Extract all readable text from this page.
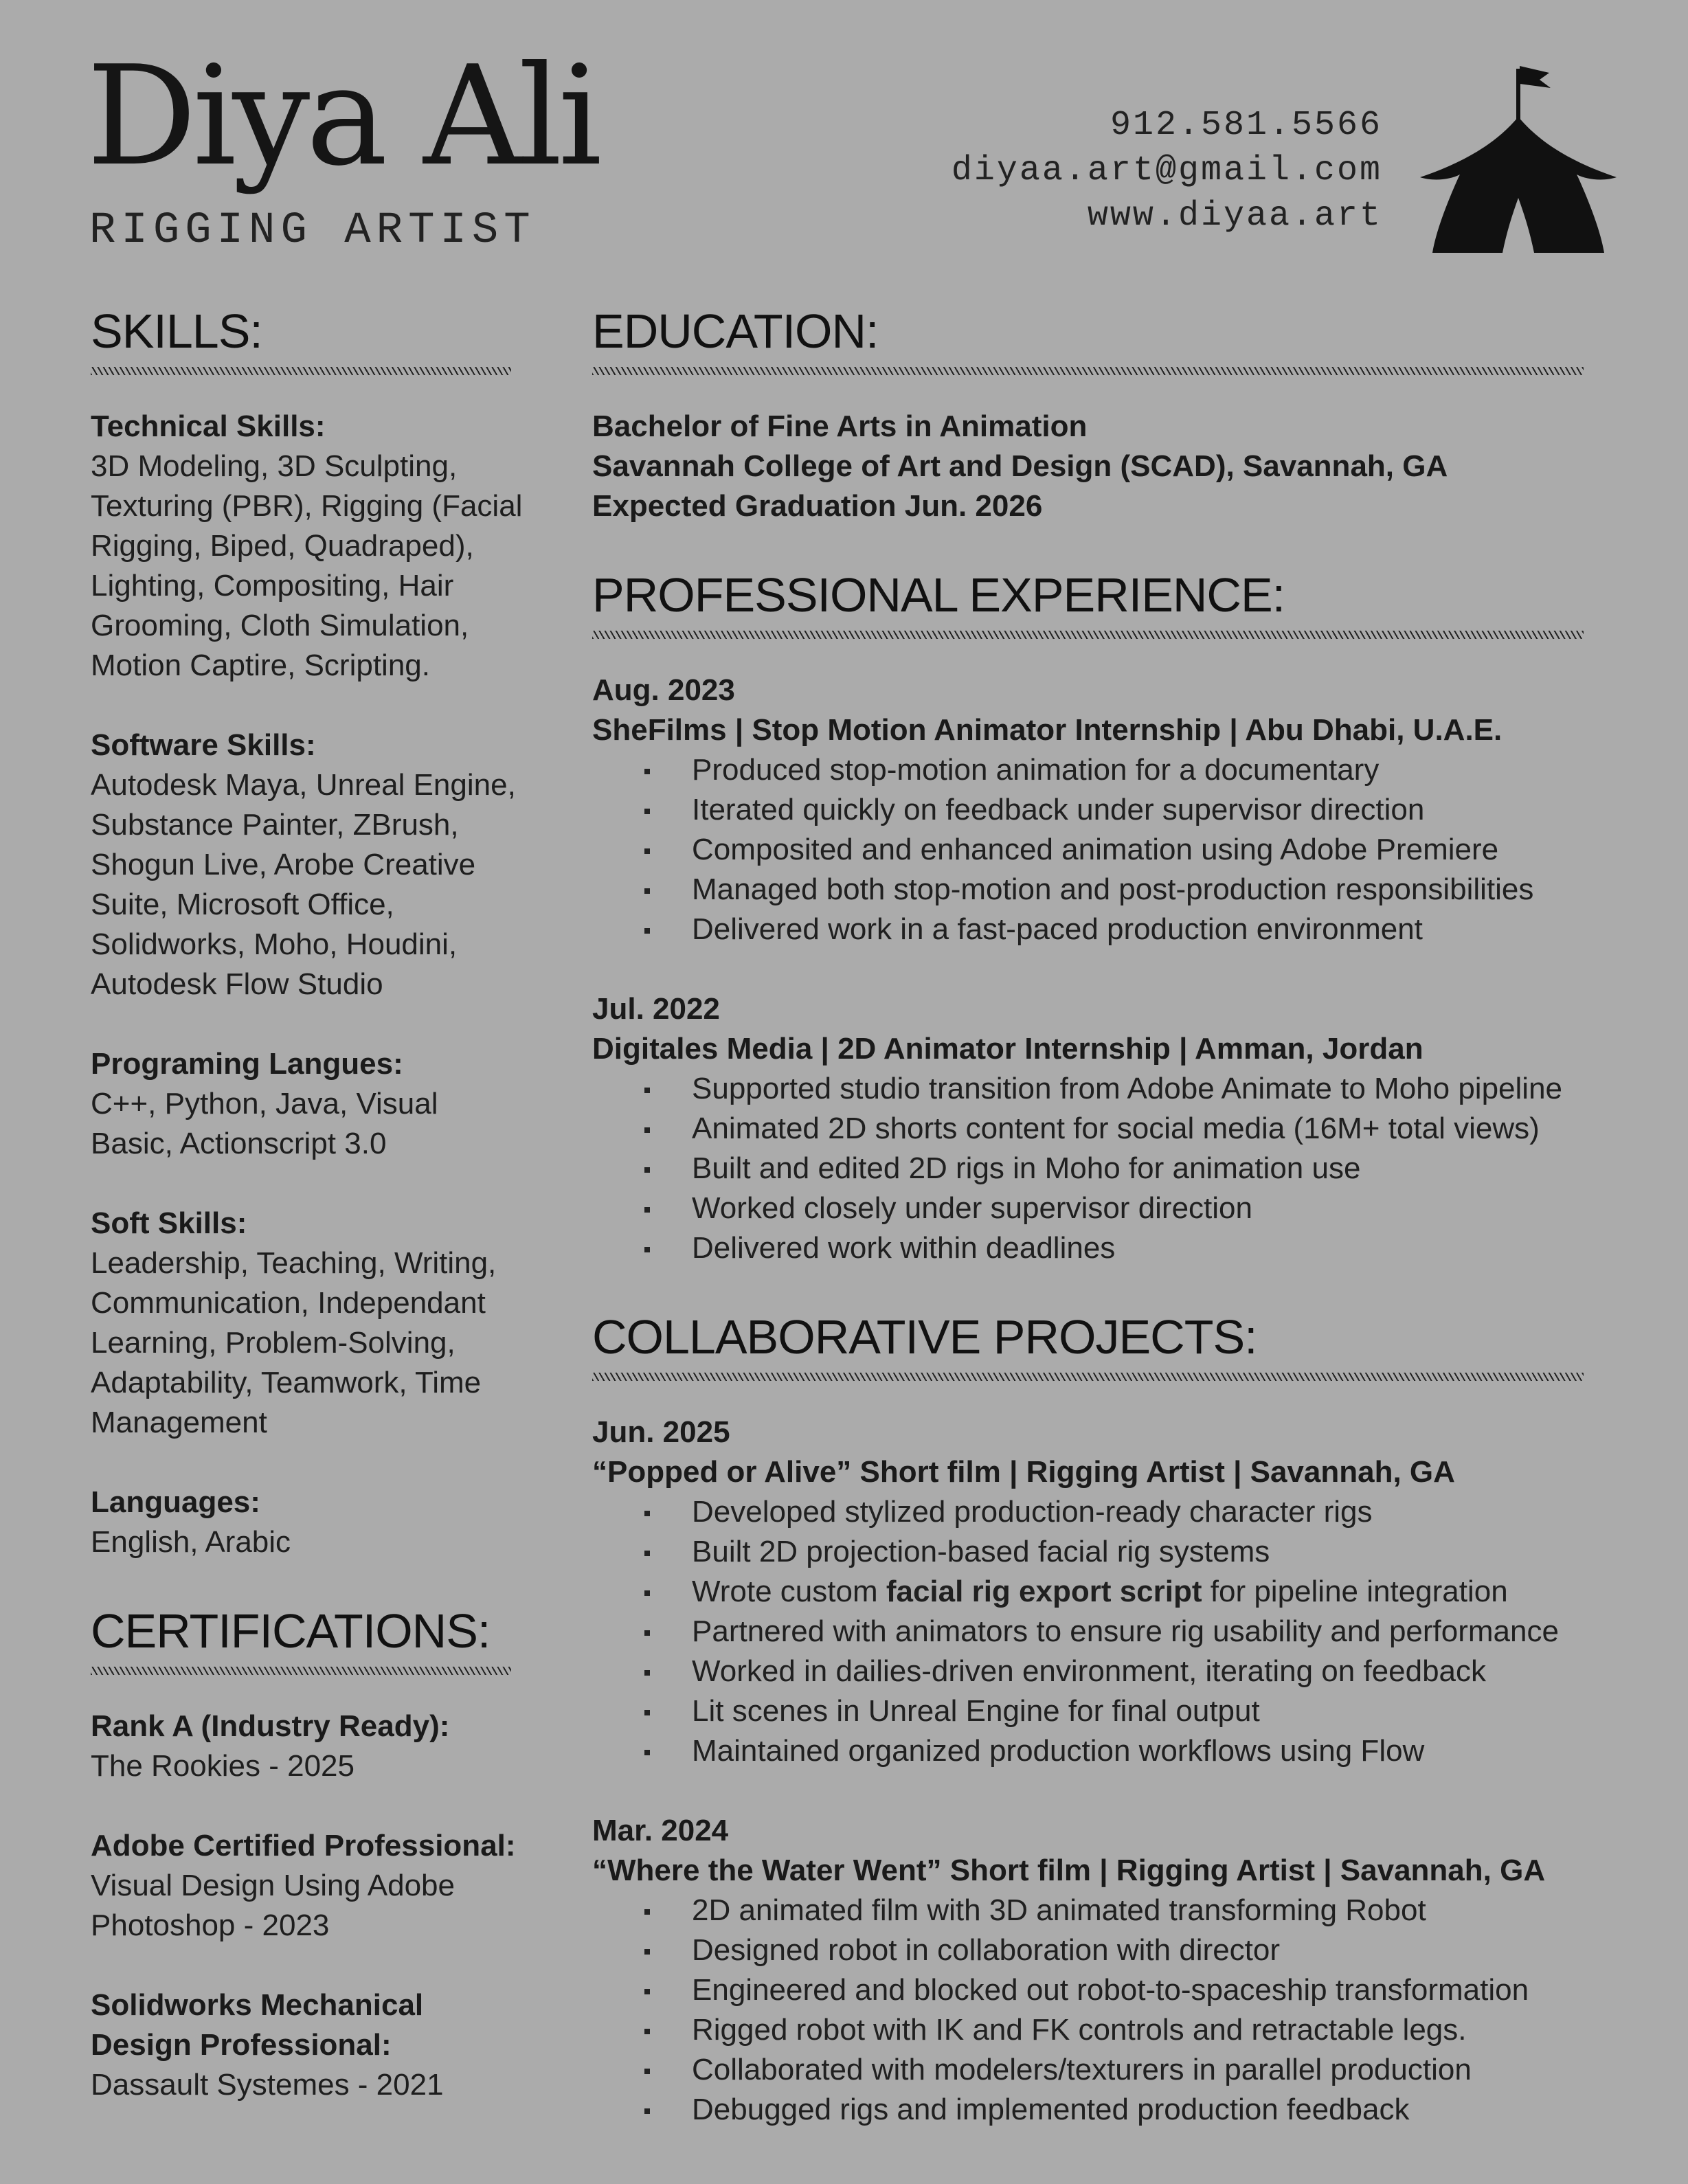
Diya Ali
RIGGING ARTIST
912.581.5566
diyaa.art@gmail.com
www.diyaa.art
SKILLS:
Technical Skills:
3D Modeling, 3D Sculpting, Texturing (PBR), Rigging (Facial Rigging, Biped, Quadraped), Lighting, Compositing, Hair Grooming, Cloth Simulation, Motion Captire, Scripting.
Software Skills:
Autodesk Maya, Unreal Engine, Substance Painter, ZBrush, Shogun Live, Arobe Creative Suite, Microsoft Office, Solidworks, Moho, Houdini, Autodesk Flow Studio
Programing Langues:
C++, Python, Java, Visual Basic, Actionscript 3.0
Soft Skills:
Leadership, Teaching, Writing, Communication, Independant Learning, Problem-Solving, Adaptability, Teamwork, Time Management
Languages:
English, Arabic
CERTIFICATIONS:
Rank A (Industry Ready):
The Rookies - 2025
Adobe Certified Professional:
Visual Design Using Adobe Photoshop - 2023
Solidworks Mechanical Design Professional:
Dassault Systemes - 2021
EDUCATION:
Bachelor of Fine Arts in Animation
Savannah College of Art and Design (SCAD), Savannah, GA
Expected Graduation Jun. 2026
PROFESSIONAL EXPERIENCE:
Aug. 2023
SheFilms | Stop Motion Animator Internship | Abu Dhabi, U.A.E.
Produced stop-motion animation for a documentary
Iterated quickly on feedback under supervisor direction
Composited and enhanced animation using Adobe Premiere
Managed both stop-motion and post-production responsibilities
Delivered work in a fast-paced production environment
Jul. 2022
Digitales Media | 2D Animator Internship | Amman, Jordan
Supported studio transition from Adobe Animate to Moho pipeline
Animated 2D shorts content for social media (16M+ total views)
Built and edited 2D rigs in Moho for animation use
Worked closely under supervisor direction
Delivered work within deadlines
COLLABORATIVE PROJECTS:
Jun. 2025
“Popped or Alive” Short film | Rigging Artist | Savannah, GA
Developed stylized production-ready character rigs
Built 2D projection-based facial rig systems
Wrote custom facial rig export script for pipeline integration
Partnered with animators to ensure rig usability and performance
Worked in dailies-driven environment, iterating on feedback
Lit scenes in Unreal Engine for final output
Maintained organized production workflows using Flow
Mar. 2024
“Where the Water Went” Short film | Rigging Artist | Savannah, GA
2D animated film with 3D animated transforming Robot
Designed robot in collaboration with director
Engineered and blocked out robot-to-spaceship transformation
Rigged robot with IK and FK controls and retractable legs.
Collaborated with modelers/texturers in parallel production
Debugged rigs and implemented production feedback
